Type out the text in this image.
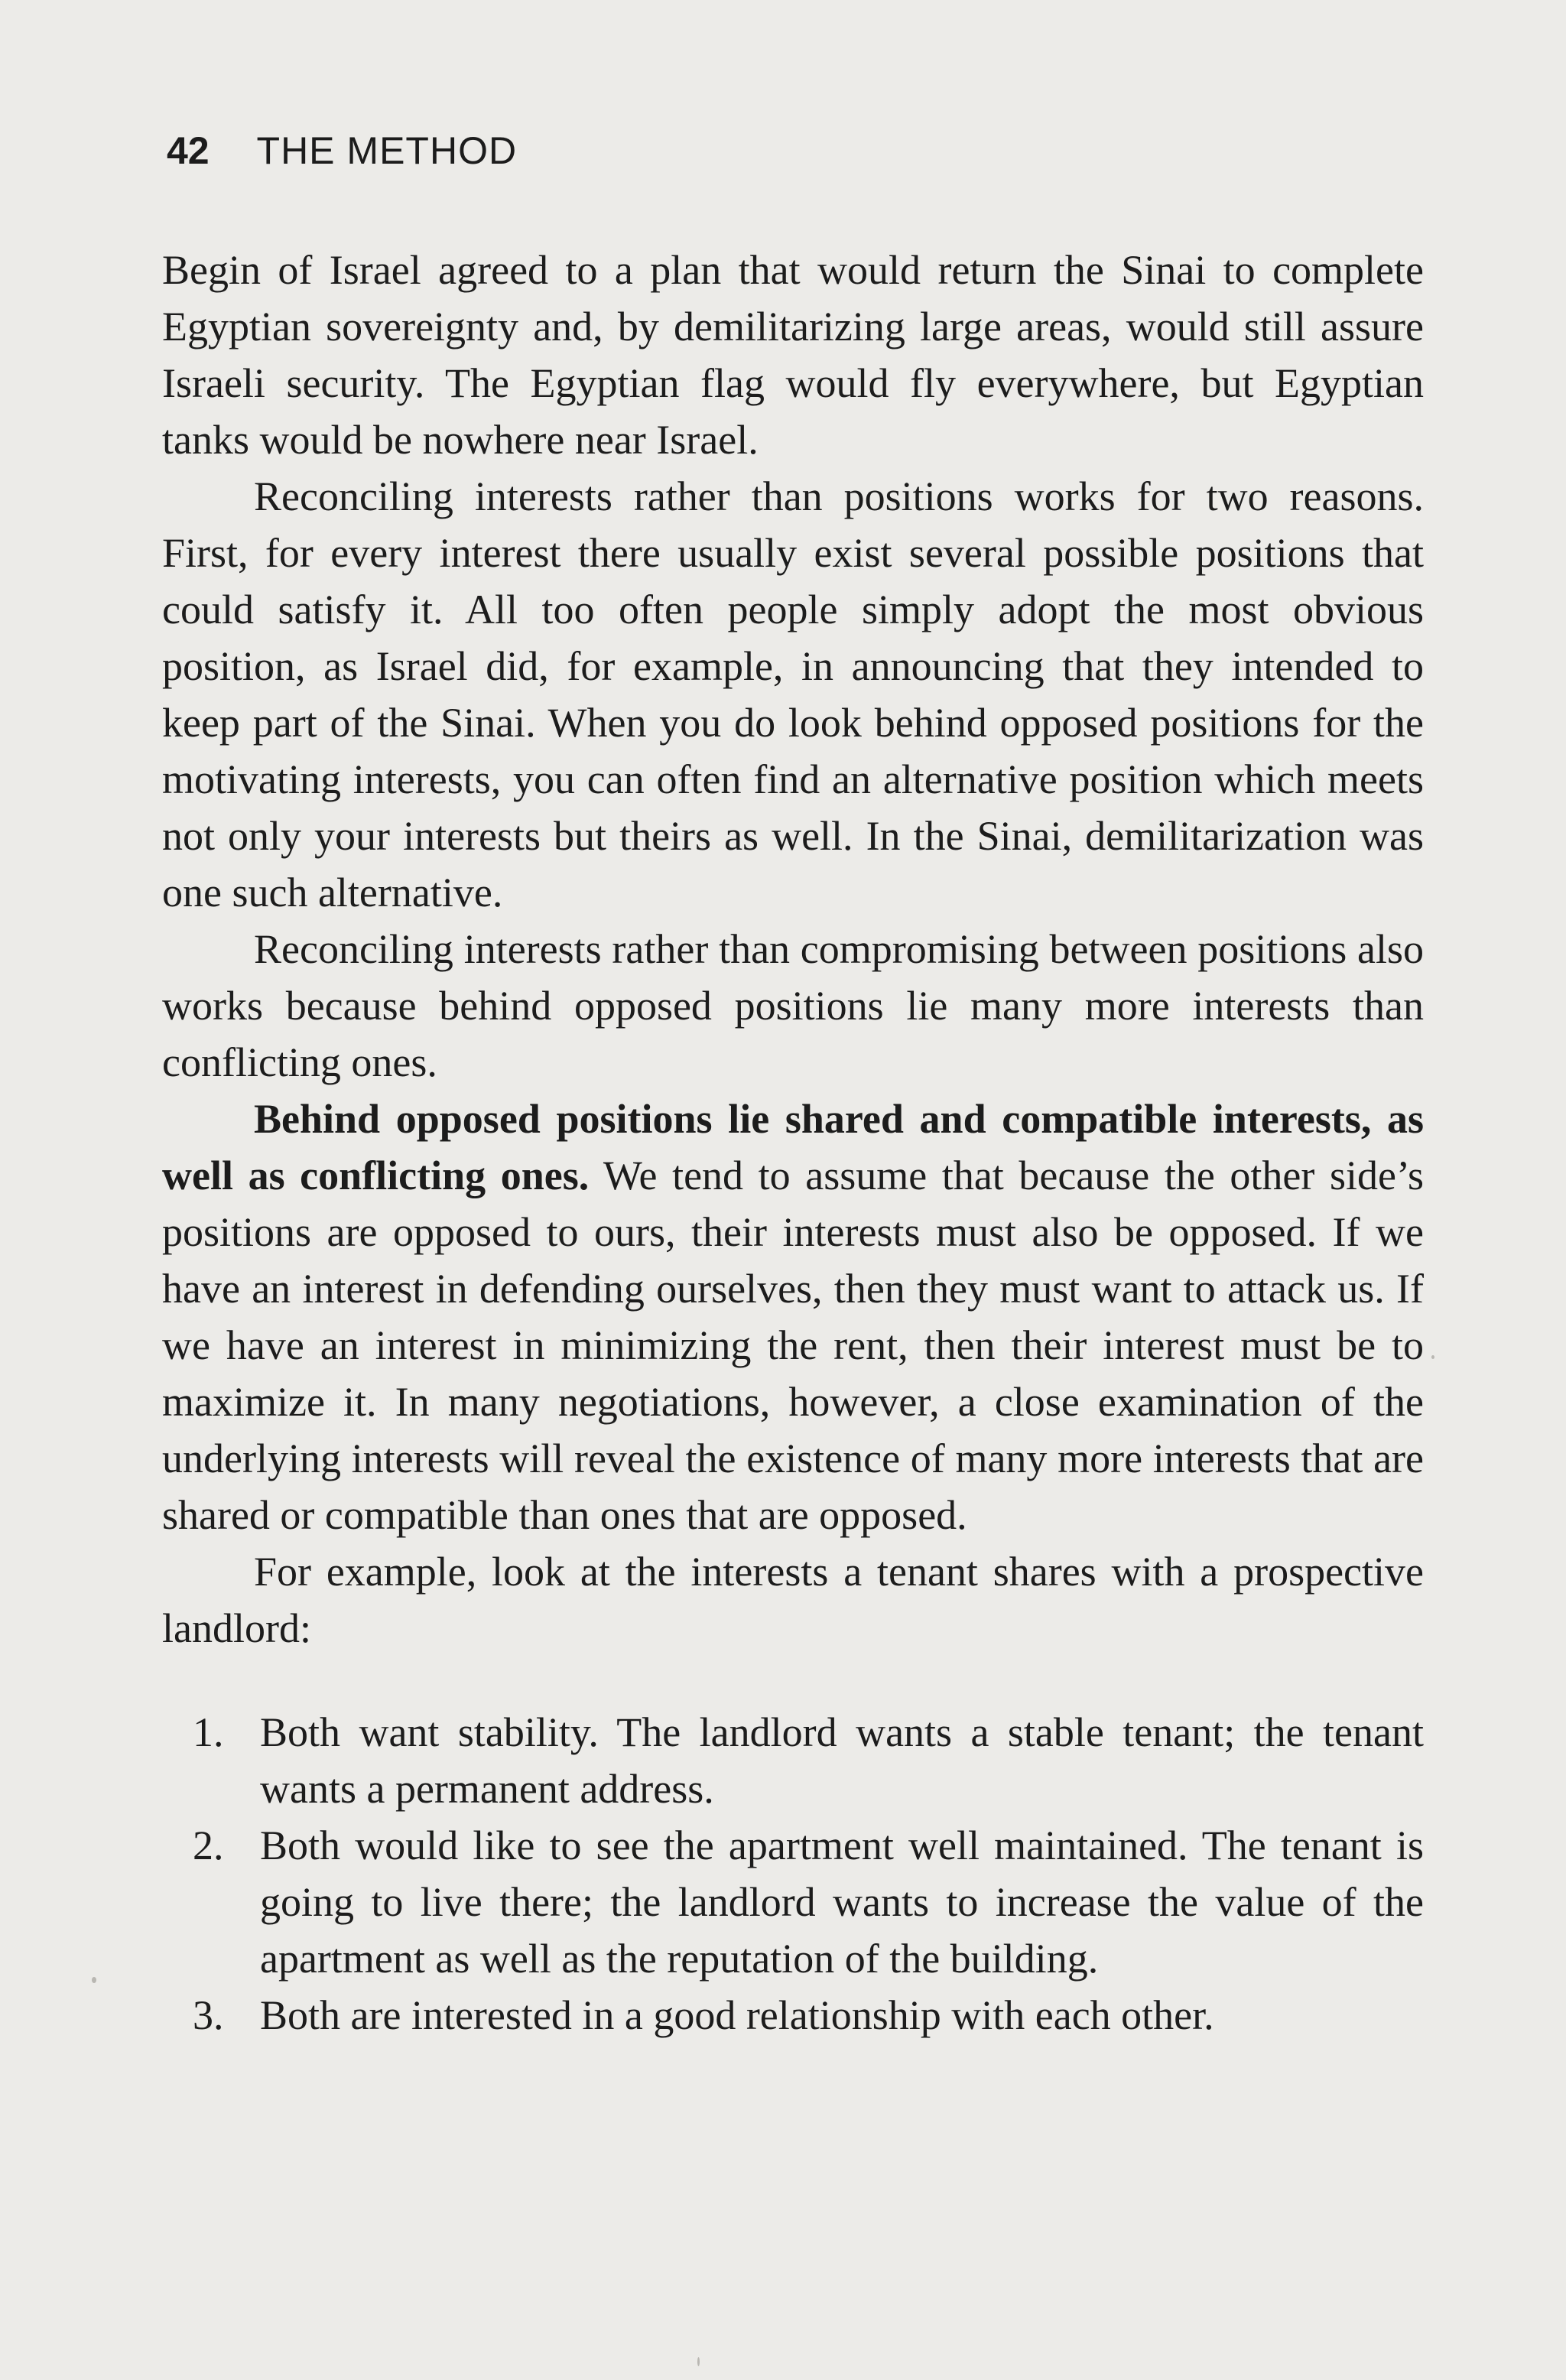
42 THE METHOD

Begin of Israel agreed to a plan that would return the Sinai to complete Egyptian sovereignty and, by demilitarizing large areas, would still assure Israeli security. The Egyptian flag would fly everywhere, but Egyptian tanks would be nowhere near Israel.

Reconciling interests rather than positions works for two reasons. First, for every interest there usually exist several possible positions that could satisfy it. All too often people simply adopt the most obvious position, as Israel did, for example, in announcing that they intended to keep part of the Sinai. When you do look behind opposed positions for the motivating interests, you can often find an alternative position which meets not only your interests but theirs as well. In the Sinai, demilitarization was one such alternative.

Reconciling interests rather than compromising between positions also works because behind opposed positions lie many more interests than conflicting ones.

Behind opposed positions lie shared and compatible interests, as well as conflicting ones. We tend to assume that because the other side’s positions are opposed to ours, their interests must also be opposed. If we have an interest in defending ourselves, then they must want to attack us. If we have an interest in minimizing the rent, then their interest must be to maximize it. In many negotiations, however, a close examination of the underlying interests will reveal the existence of many more interests that are shared or compatible than ones that are opposed.

For example, look at the interests a tenant shares with a prospective landlord:

1. Both want stability. The landlord wants a stable tenant; the tenant wants a permanent address.
2. Both would like to see the apartment well maintained. The tenant is going to live there; the landlord wants to increase the value of the apartment as well as the reputation of the building.
3. Both are interested in a good relationship with each other.
